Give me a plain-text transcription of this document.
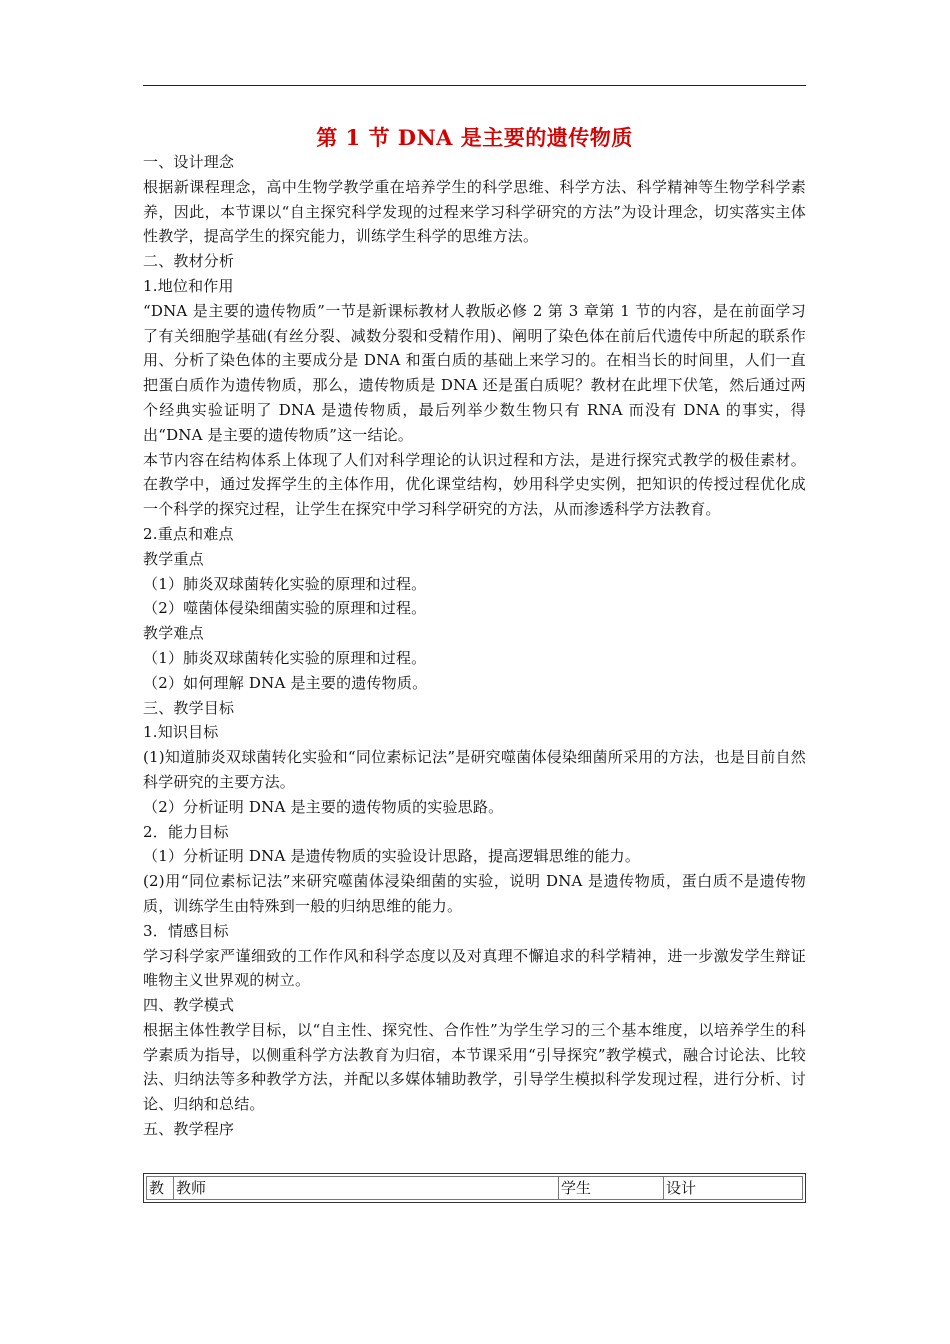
第 1 节 DNA 是主要的遗传物质

一、设计理念

根据新课程理念，高中生物学教学重在培养学生的科学思维、科学方法、科学精神等生物学科学素养，因此，本节课以“自主探究科学发现的过程来学习科学研究的方法”为设计理念，切实落实主体性教学，提高学生的探究能力，训练学生科学的思维方法。

二、教材分析

1.地位和作用

“DNA 是主要的遗传物质”一节是新课标教材人教版必修 2 第 3 章第 1 节的内容，是在前面学习了有关细胞学基础(有丝分裂、减数分裂和受精作用)、阐明了染色体在前后代遗传中所起的联系作用、分析了染色体的主要成分是 DNA 和蛋白质的基础上来学习的。在相当长的时间里，人们一直把蛋白质作为遗传物质，那么，遗传物质是 DNA 还是蛋白质呢？教材在此埋下伏笔，然后通过两个经典实验证明了 DNA 是遗传物质，最后列举少数生物只有 RNA 而没有 DNA 的事实，得出“DNA 是主要的遗传物质”这一结论。

本节内容在结构体系上体现了人们对科学理论的认识过程和方法，是进行探究式教学的极佳素材。在教学中，通过发挥学生的主体作用，优化课堂结构，妙用科学史实例，把知识的传授过程优化成一个科学的探究过程，让学生在探究中学习科学研究的方法，从而渗透科学方法教育。

2.重点和难点

教学重点

（1）肺炎双球菌转化实验的原理和过程。

（2）噬菌体侵染细菌实验的原理和过程。

教学难点

（1）肺炎双球菌转化实验的原理和过程。

（2）如何理解 DNA 是主要的遗传物质。

三、教学目标

1.知识目标

(1)知道肺炎双球菌转化实验和“同位素标记法”是研究噬菌体侵染细菌所采用的方法，也是目前自然科学研究的主要方法。

（2）分析证明 DNA 是主要的遗传物质的实验思路。

2．能力目标

（1）分析证明 DNA 是遗传物质的实验设计思路，提高逻辑思维的能力。

(2)用“同位素标记法”来研究噬菌体浸染细菌的实验，说明 DNA 是遗传物质，蛋白质不是遗传物质，训练学生由特殊到一般的归纳思维的能力。

3．情感目标

学习科学家严谨细致的工作作风和科学态度以及对真理不懈追求的科学精神，进一步激发学生辩证唯物主义世界观的树立。

四、教学模式

根据主体性教学目标，以“自主性、探究性、合作性”为学生学习的三个基本维度，以培养学生的科学素质为指导，以侧重科学方法教育为归宿，本节课采用“引导探究”教学模式，融合讨论法、比较法、归纳法等多种教学方法，并配以多媒体辅助教学，引导学生模拟科学发现过程，进行分析、讨论、归纳和总结。

五、教学程序

教	教师	学生	设计
